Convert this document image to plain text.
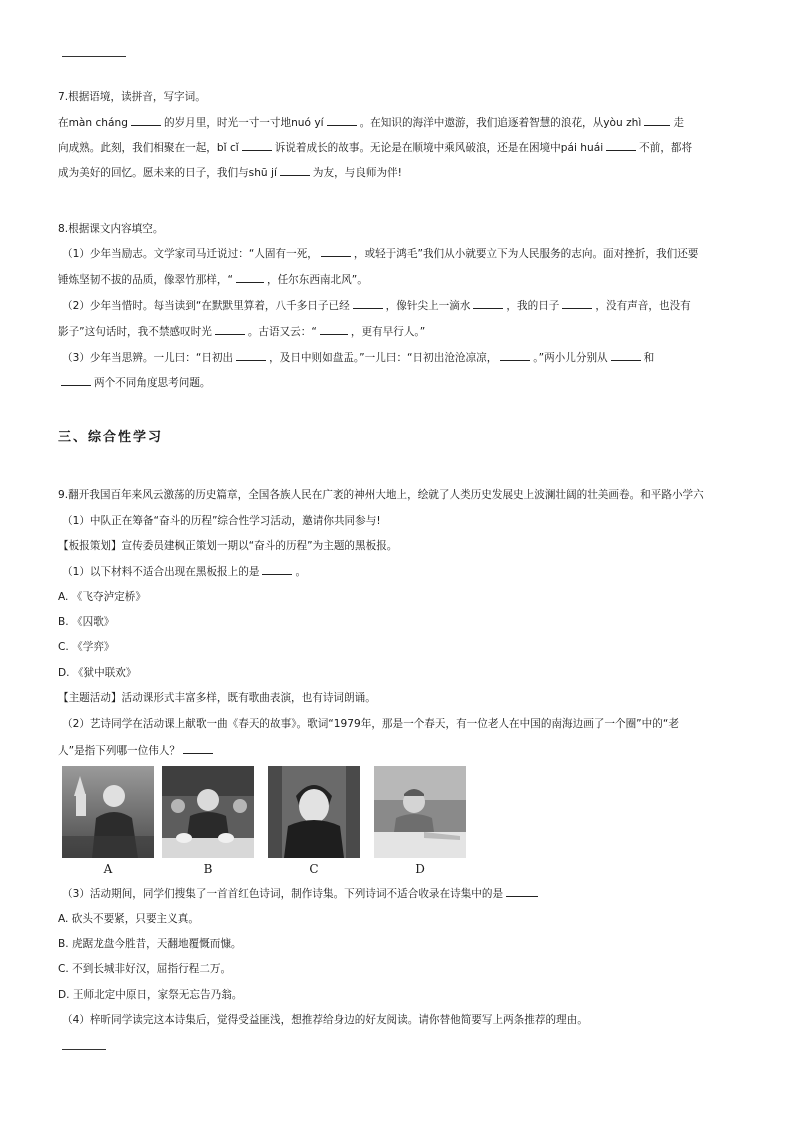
7.根据语境，读拼音，写字词。
在màn cháng	的岁月里，时光一寸一寸地nuó yí	。在知识的海洋中遨游，我们追逐着智慧的浪花，从yòu zhì	走
向成熟。此刻，我们相聚在一起，bǐ cǐ	诉说着成长的故事。无论是在顺境中乘风破浪，还是在困境中pái huái	不前，都将
成为美好的回忆。愿未来的日子，我们与shū jí	为友，与良师为伴!
8.根据课文内容填空。
（1）少年当励志。文学家司马迁说过：“人固有一死，	，或轻于鸿毛”我们从小就要立下为人民服务的志向。面对挫折，我们还要
锤炼坚韧不拔的品质，像翠竹那样，“	，任尔东西南北风”。
（2）少年当惜时。每当读到“在默默里算着，八千多日子已经	，像针尖上一滴水	，我的日子	，没有声音，也没有
影子”这句话时，我不禁感叹时光	。古语又云：“	，更有早行人。”
（3）少年当思辨。一儿曰：“日初出	，及日中则如盘盂。”一儿曰：“日初出沧沧凉凉，	。”两小儿分别从	和
两个不同角度思考问题。
三、综合性学习
9.翻开我国百年来风云激荡的历史篇章，全国各族人民在广袤的神州大地上，绘就了人类历史发展史上波澜壮阔的壮美画卷。和平路小学六
（1）中队正在筹备“奋斗的历程”综合性学习活动，邀请你共同参与!
【板报策划】宣传委员建枫正策划一期以“奋斗的历程”为主题的黑板报。
（1）以下材料不适合出现在黑板报上的是	。
A. 《飞夺泸定桥》
B. 《囚歌》
C. 《学弈》
D. 《狱中联欢》
【主题活动】活动课形式丰富多样，既有歌曲表演，也有诗词朗诵。
（2）艺诗同学在活动课上献歌一曲《春天的故事》。歌词“1979年，那是一个春天，有一位老人在中国的南海边画了一个圈”中的“老
人”是指下列哪一位伟人？
A	B	C	D
（3）活动期间，同学们搜集了一首首红色诗词，制作诗集。下列诗词不适合收录在诗集中的是
A. 砍头不要紧，只要主义真。
B. 虎踞龙盘今胜昔，天翻地覆慨而慷。
C. 不到长城非好汉，屈指行程二万。
D. 王师北定中原日，家祭无忘告乃翁。
（4）梓昕同学读完这本诗集后，觉得受益匪浅，想推荐给身边的好友阅读。请你替他简要写上两条推荐的理由。
